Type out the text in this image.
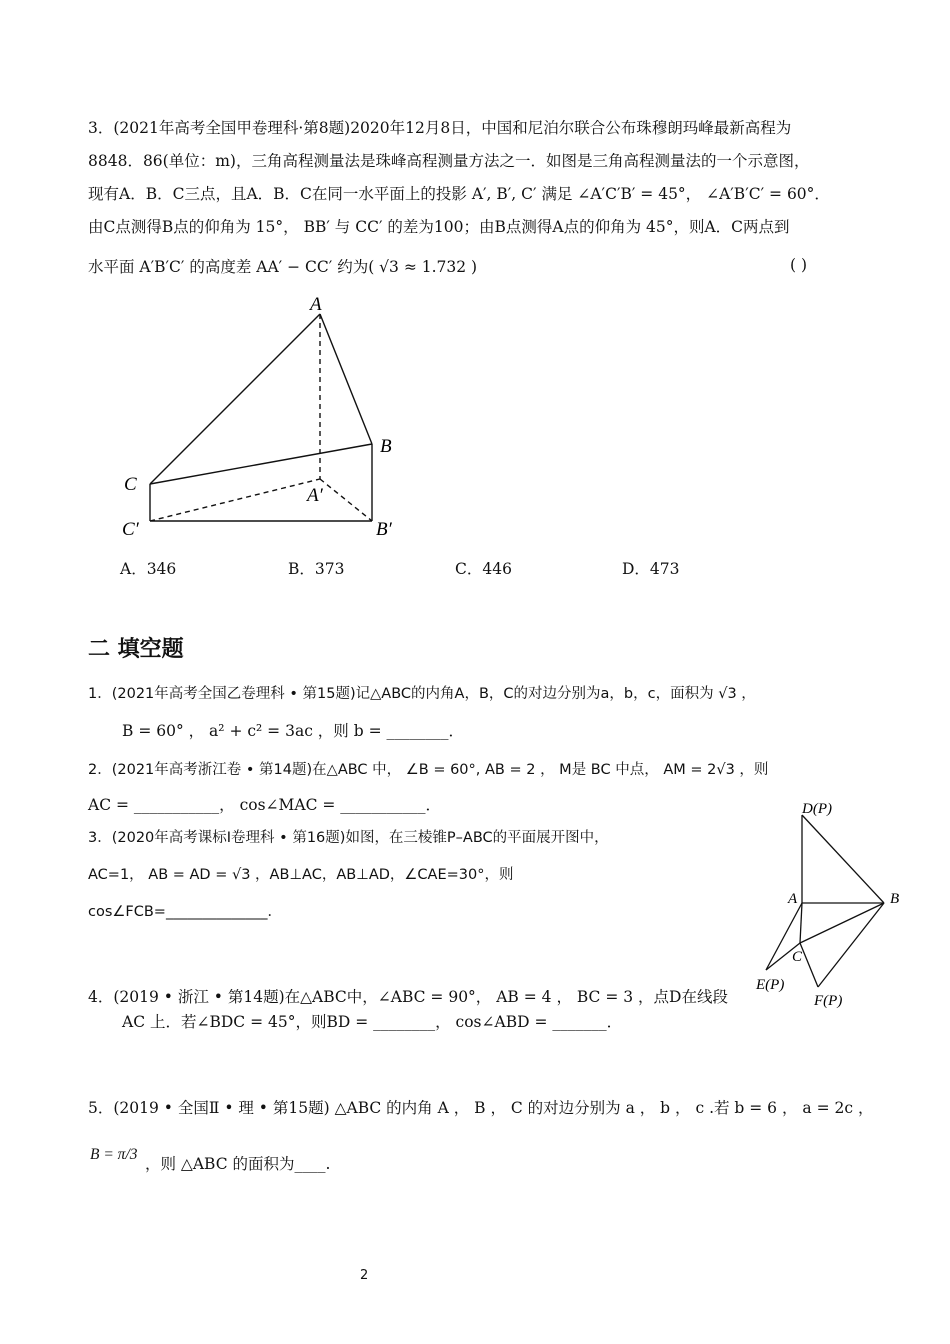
3．(2021年高考全国甲卷理科·第8题)2020年12月8日，中国和尼泊尔联合公布珠穆朗玛峰最新高程为
8848．86(单位：m)，三角高程测量法是珠峰高程测量方法之一．如图是三角高程测量法的一个示意图，
现有A．B．C三点，且A．B．C在同一水平面上的投影 A′, B′, C′ 满足 ∠A′C′B′ = 45°， ∠A′B′C′ = 60°．
由C点测得B点的仰角为 15°， BB′ 与 CC′ 的差为100；由B点测得A点的仰角为 45°，则A．C两点到
水平面 A′B′C′ 的高度差 AA′ − CC′ 约为( √3 ≈ 1.732 )	( )
A
B
C
A′
B′
C′
A．346	B．373	C．446	D．473
二 填空题
1．(2021年高考全国乙卷理科 • 第15题)记△ABC的内角A，B，C的对边分别为a，b，c，面积为 √3 ，
B = 60° ， a² + c² = 3ac ，则 b = ________．
2．(2021年高考浙江卷 • 第14题)在△ABC 中， ∠B = 60°, AB = 2 ， M是 BC 中点， AM = 2√3 ，则
AC = ___________， cos∠MAC = ___________．
3．(2020年高考课标Ⅰ卷理科 • 第16题)如图，在三棱锥P–ABC的平面展开图中，
AC=1， AB = AD = √3 ，AB⊥AC，AB⊥AD，∠CAE=30°，则
cos∠FCB=______________．
D(P)
A	B
C
E(P)
F(P)
4．(2019 • 浙江 • 第14题)在△ABC中，∠ABC = 90°， AB = 4 ， BC = 3 ，点D在线段
AC 上．若∠BDC = 45°，则BD = ________， cos∠ABD = _______．
5．(2019 • 全国Ⅱ • 理 • 第15题) △ABC 的内角 A ， B ， C 的对边分别为 a ， b ， c .若 b = 6 ， a = 2c ，
B = π/3
，则 △ABC 的面积为____.
2
